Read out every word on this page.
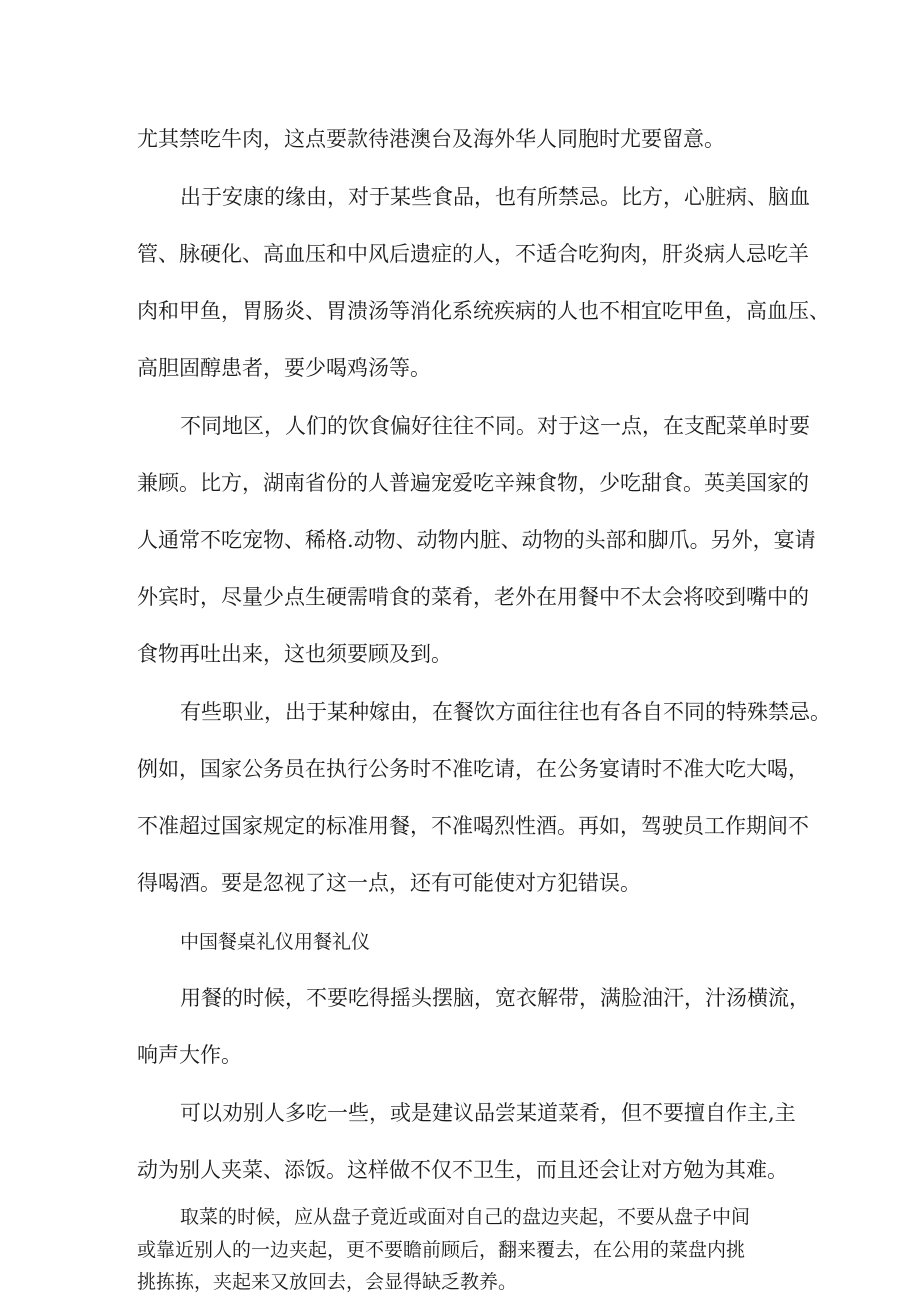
尤其禁吃牛肉，这点要款待港澳台及海外华人同胞时尤要留意。

出于安康的缘由，对于某些食品，也有所禁忌。比方，心脏病、脑血

管、脉硬化、高血压和中风后遗症的人，不适合吃狗肉，肝炎病人忌吃羊

肉和甲鱼，胃肠炎、胃溃汤等消化系统疾病的人也不相宜吃甲鱼，高血压、

高胆固醇患者，要少喝鸡汤等。

不同地区，人们的饮食偏好往往不同。对于这一点，在支配菜单时要

兼顾。比方，湖南省份的人普遍宠爱吃辛辣食物，少吃甜食。英美国家的

人通常不吃宠物、稀格.动物、动物内脏、动物的头部和脚爪。另外，宴请

外宾时，尽量少点生硬需啃食的菜肴，老外在用餐中不太会将咬到嘴中的

食物再吐出来，这也须要顾及到。

有些职业，出于某种嫁由，在餐饮方面往往也有各自不同的特殊禁忌。

例如，国家公务员在执行公务时不准吃请，在公务宴请时不准大吃大喝，

不准超过国家规定的标准用餐，不准喝烈性酒。再如，驾驶员工作期间不

得喝酒。要是忽视了这一点，还有可能使对方犯错误。

中国餐桌礼仪用餐礼仪

用餐的时候，不要吃得摇头摆脑，宽衣解带，满脸油汗，汁汤横流，

响声大作。

可以劝别人多吃一些，或是建议品尝某道菜肴，但不要擅自作主,主

动为别人夹菜、添饭。这样做不仅不卫生，而且还会让对方勉为其难。

取菜的时候，应从盘子竟近或面对自己的盘边夹起，不要从盘子中间

或靠近别人的一边夹起，更不要瞻前顾后，翻来覆去，在公用的菜盘内挑

挑拣拣，夹起来又放回去，会显得缺乏教养。
